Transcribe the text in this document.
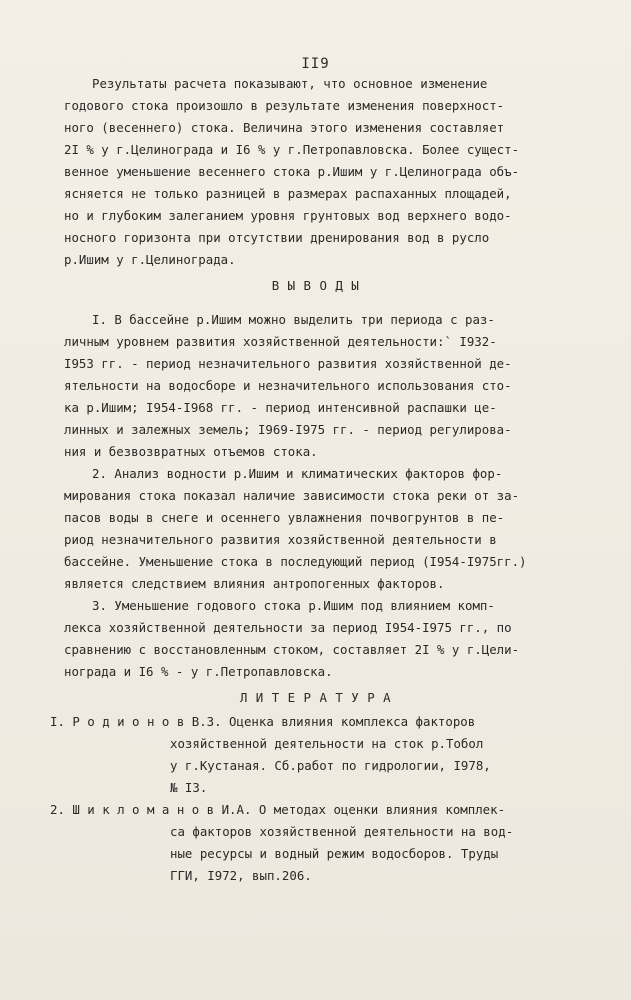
II9
Результаты расчета показывают, что основное изменение
годового стока произошло в результате изменения поверхност-
ного (весеннего) стока. Величина этого изменения составляет
2I % у г.Целинограда и I6 % у г.Петропавловска. Более сущест-
венное уменьшение весеннего стока р.Ишим у г.Целинограда объ-
ясняется не только разницей в размерах распаханных площадей,
но и глубоким залеганием уровня грунтовых вод верхнего водо-
носного горизонта при отсутствии дренирования вод в русло
р.Ишим у г.Целинограда.
В Ы В О Д Ы
I. В бассейне р.Ишим можно выделить три периода с раз-
личным уровнем развития хозяйственной деятельности:` I932-
I953 гг. - период незначительного развития хозяйственной де-
ятельности на водосборе и незначительного использования сто-
ка р.Ишим; I954-I968 гг. - период интенсивной распашки це-
линных и залежных земель; I969-I975 гг. - период регулирова-
ния и безвозвратных отъемов стока.
2. Анализ водности р.Ишим и климатических факторов фор-
мирования стока показал наличие зависимости стока реки от за-
пасов воды в снеге и осеннего увлажнения почвогрунтов в пе-
риод незначительного развития хозяйственной деятельности в
бассейне. Уменьшение стока в последующий период (I954-I975гг.)
является следствием влияния антропогенных факторов.
3. Уменьшение годового стока р.Ишим под влиянием комп-
лекса хозяйственной деятельности за период I954-I975 гг., по
сравнению с восстановленным стоком, составляет 2I % у г.Цели-
нограда и I6 % - у г.Петропавловска.
Л И Т Е Р А Т У Р А
I. Р о д и о н о в В.З. Оценка влияния комплекса факторов
хозяйственной деятельности на сток р.Тобол
у г.Кустаная. Сб.работ по гидрологии, I978,
№ I3.
2. Ш и к л о м а н о в И.А. О методах оценки влияния комплек-
са факторов хозяйственной деятельности на вод-
ные ресурсы и водный режим водосборов. Труды
ГГИ, I972, вып.206.
